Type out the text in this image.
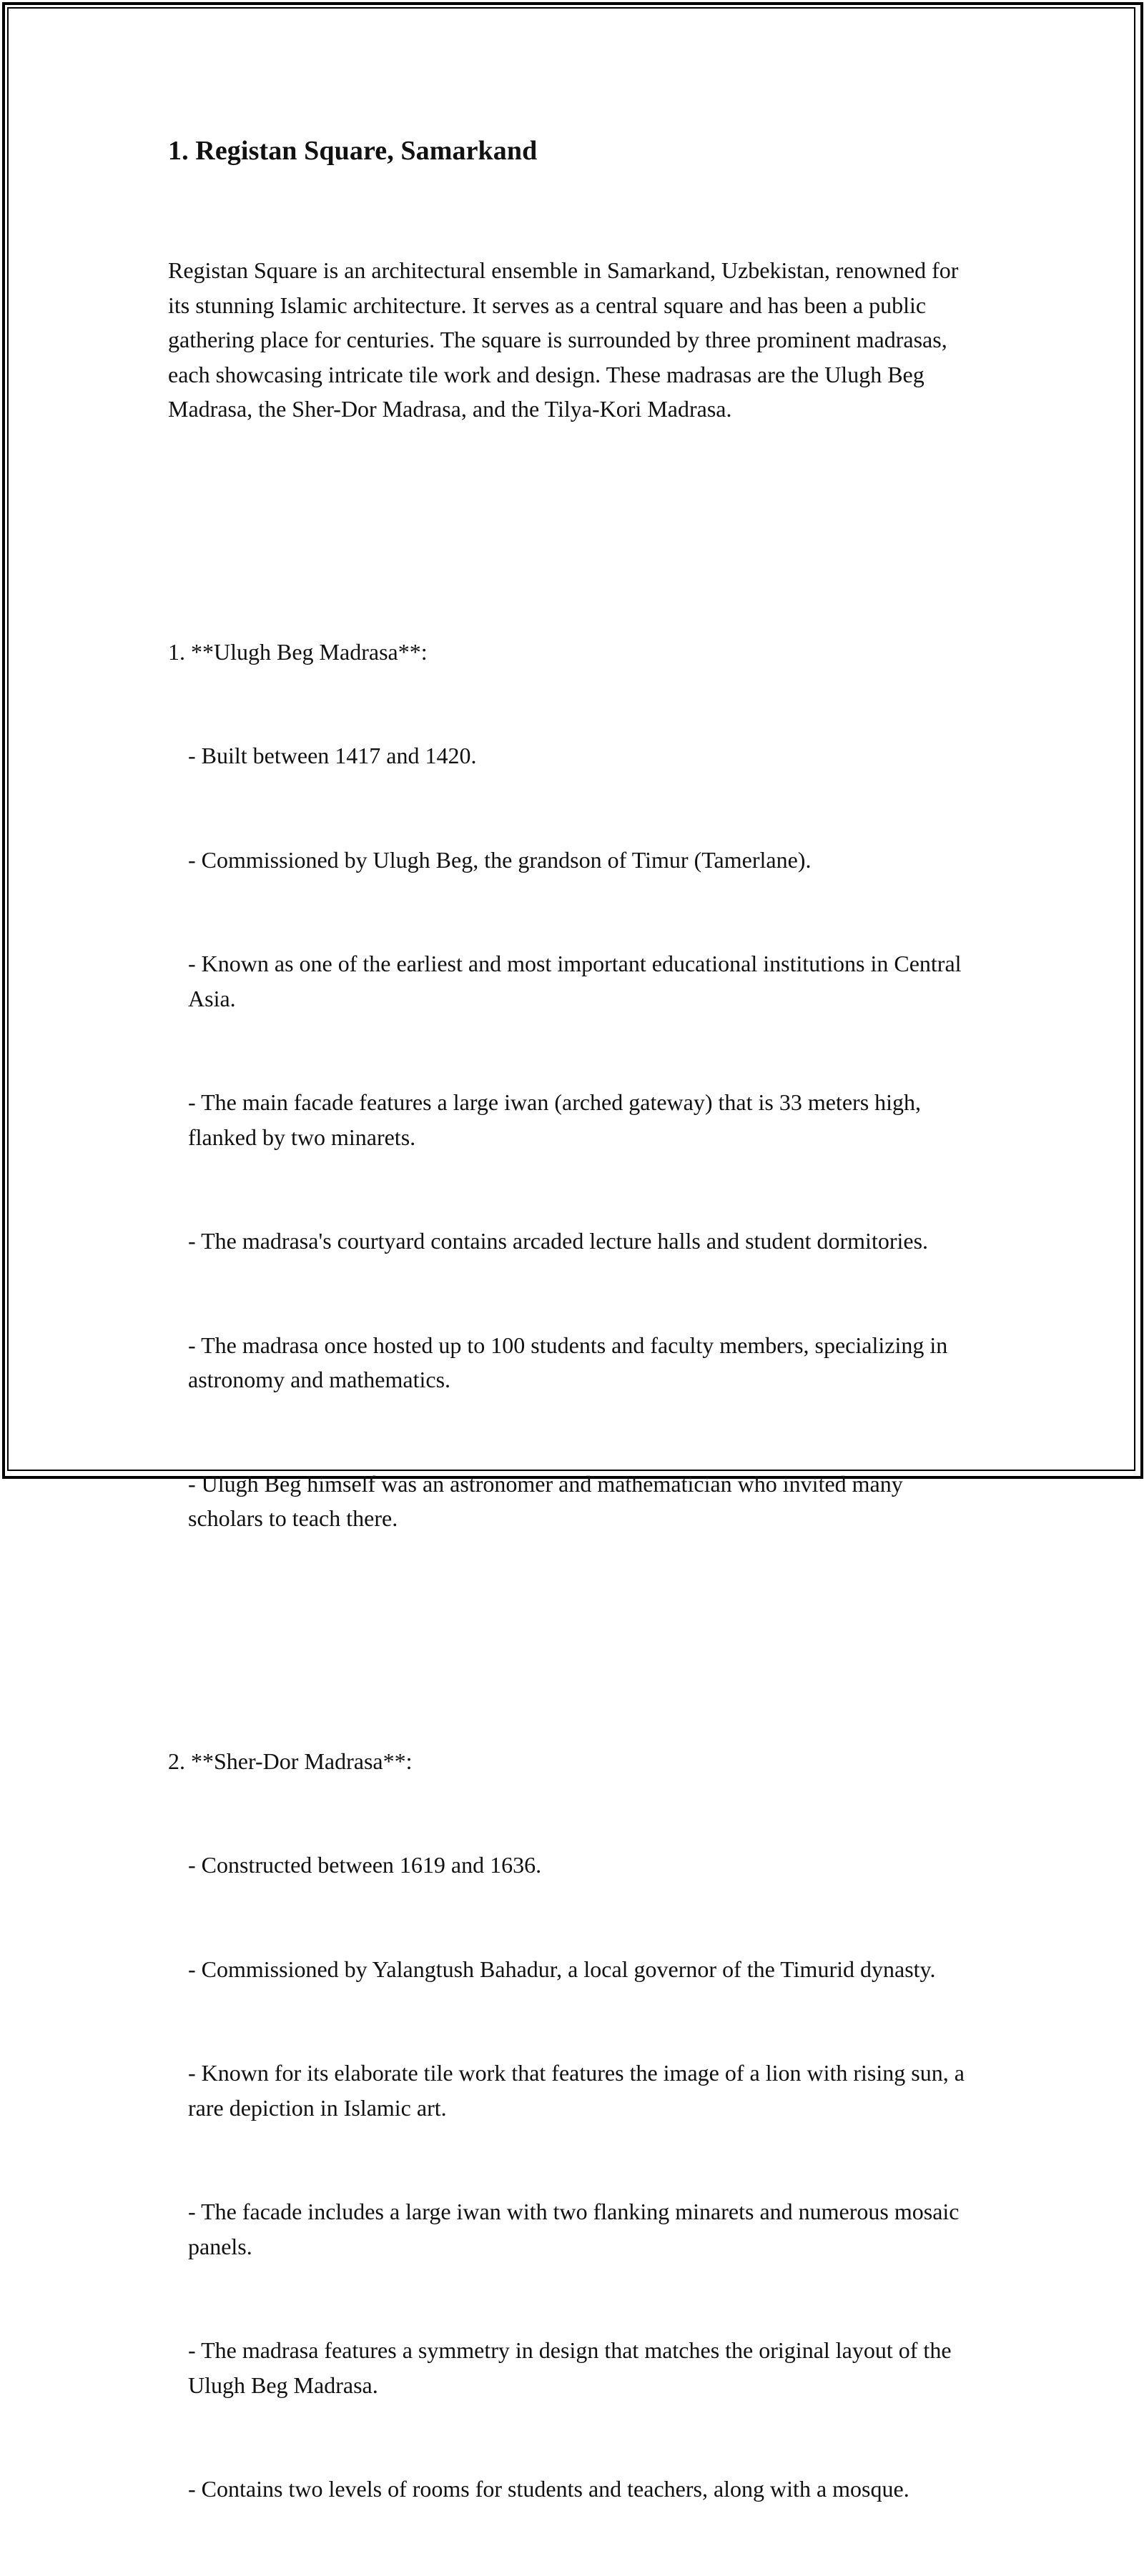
1. Registan Square, Samarkand

Registan Square is an architectural ensemble in Samarkand, Uzbekistan, renowned for its stunning Islamic architecture. It serves as a central square and has been a public gathering place for centuries. The square is surrounded by three prominent madrasas, each showcasing intricate tile work and design. These madrasas are the Ulugh Beg Madrasa, the Sher-Dor Madrasa, and the Tilya-Kori Madrasa.

1. **Ulugh Beg Madrasa**:

- Built between 1417 and 1420.

- Commissioned by Ulugh Beg, the grandson of Timur (Tamerlane).

- Known as one of the earliest and most important educational institutions in Central Asia.

- The main facade features a large iwan (arched gateway) that is 33 meters high, flanked by two minarets.

- The madrasa's courtyard contains arcaded lecture halls and student dormitories.

- The madrasa once hosted up to 100 students and faculty members, specializing in astronomy and mathematics.

- Ulugh Beg himself was an astronomer and mathematician who invited many scholars to teach there.

2. **Sher-Dor Madrasa**:

- Constructed between 1619 and 1636.

- Commissioned by Yalangtush Bahadur, a local governor of the Timurid dynasty.

- Known for its elaborate tile work that features the image of a lion with rising sun, a rare depiction in Islamic art.

- The facade includes a large iwan with two flanking minarets and numerous mosaic panels.

- The madrasa features a symmetry in design that matches the original layout of the Ulugh Beg Madrasa.

- Contains two levels of rooms for students and teachers, along with a mosque.
